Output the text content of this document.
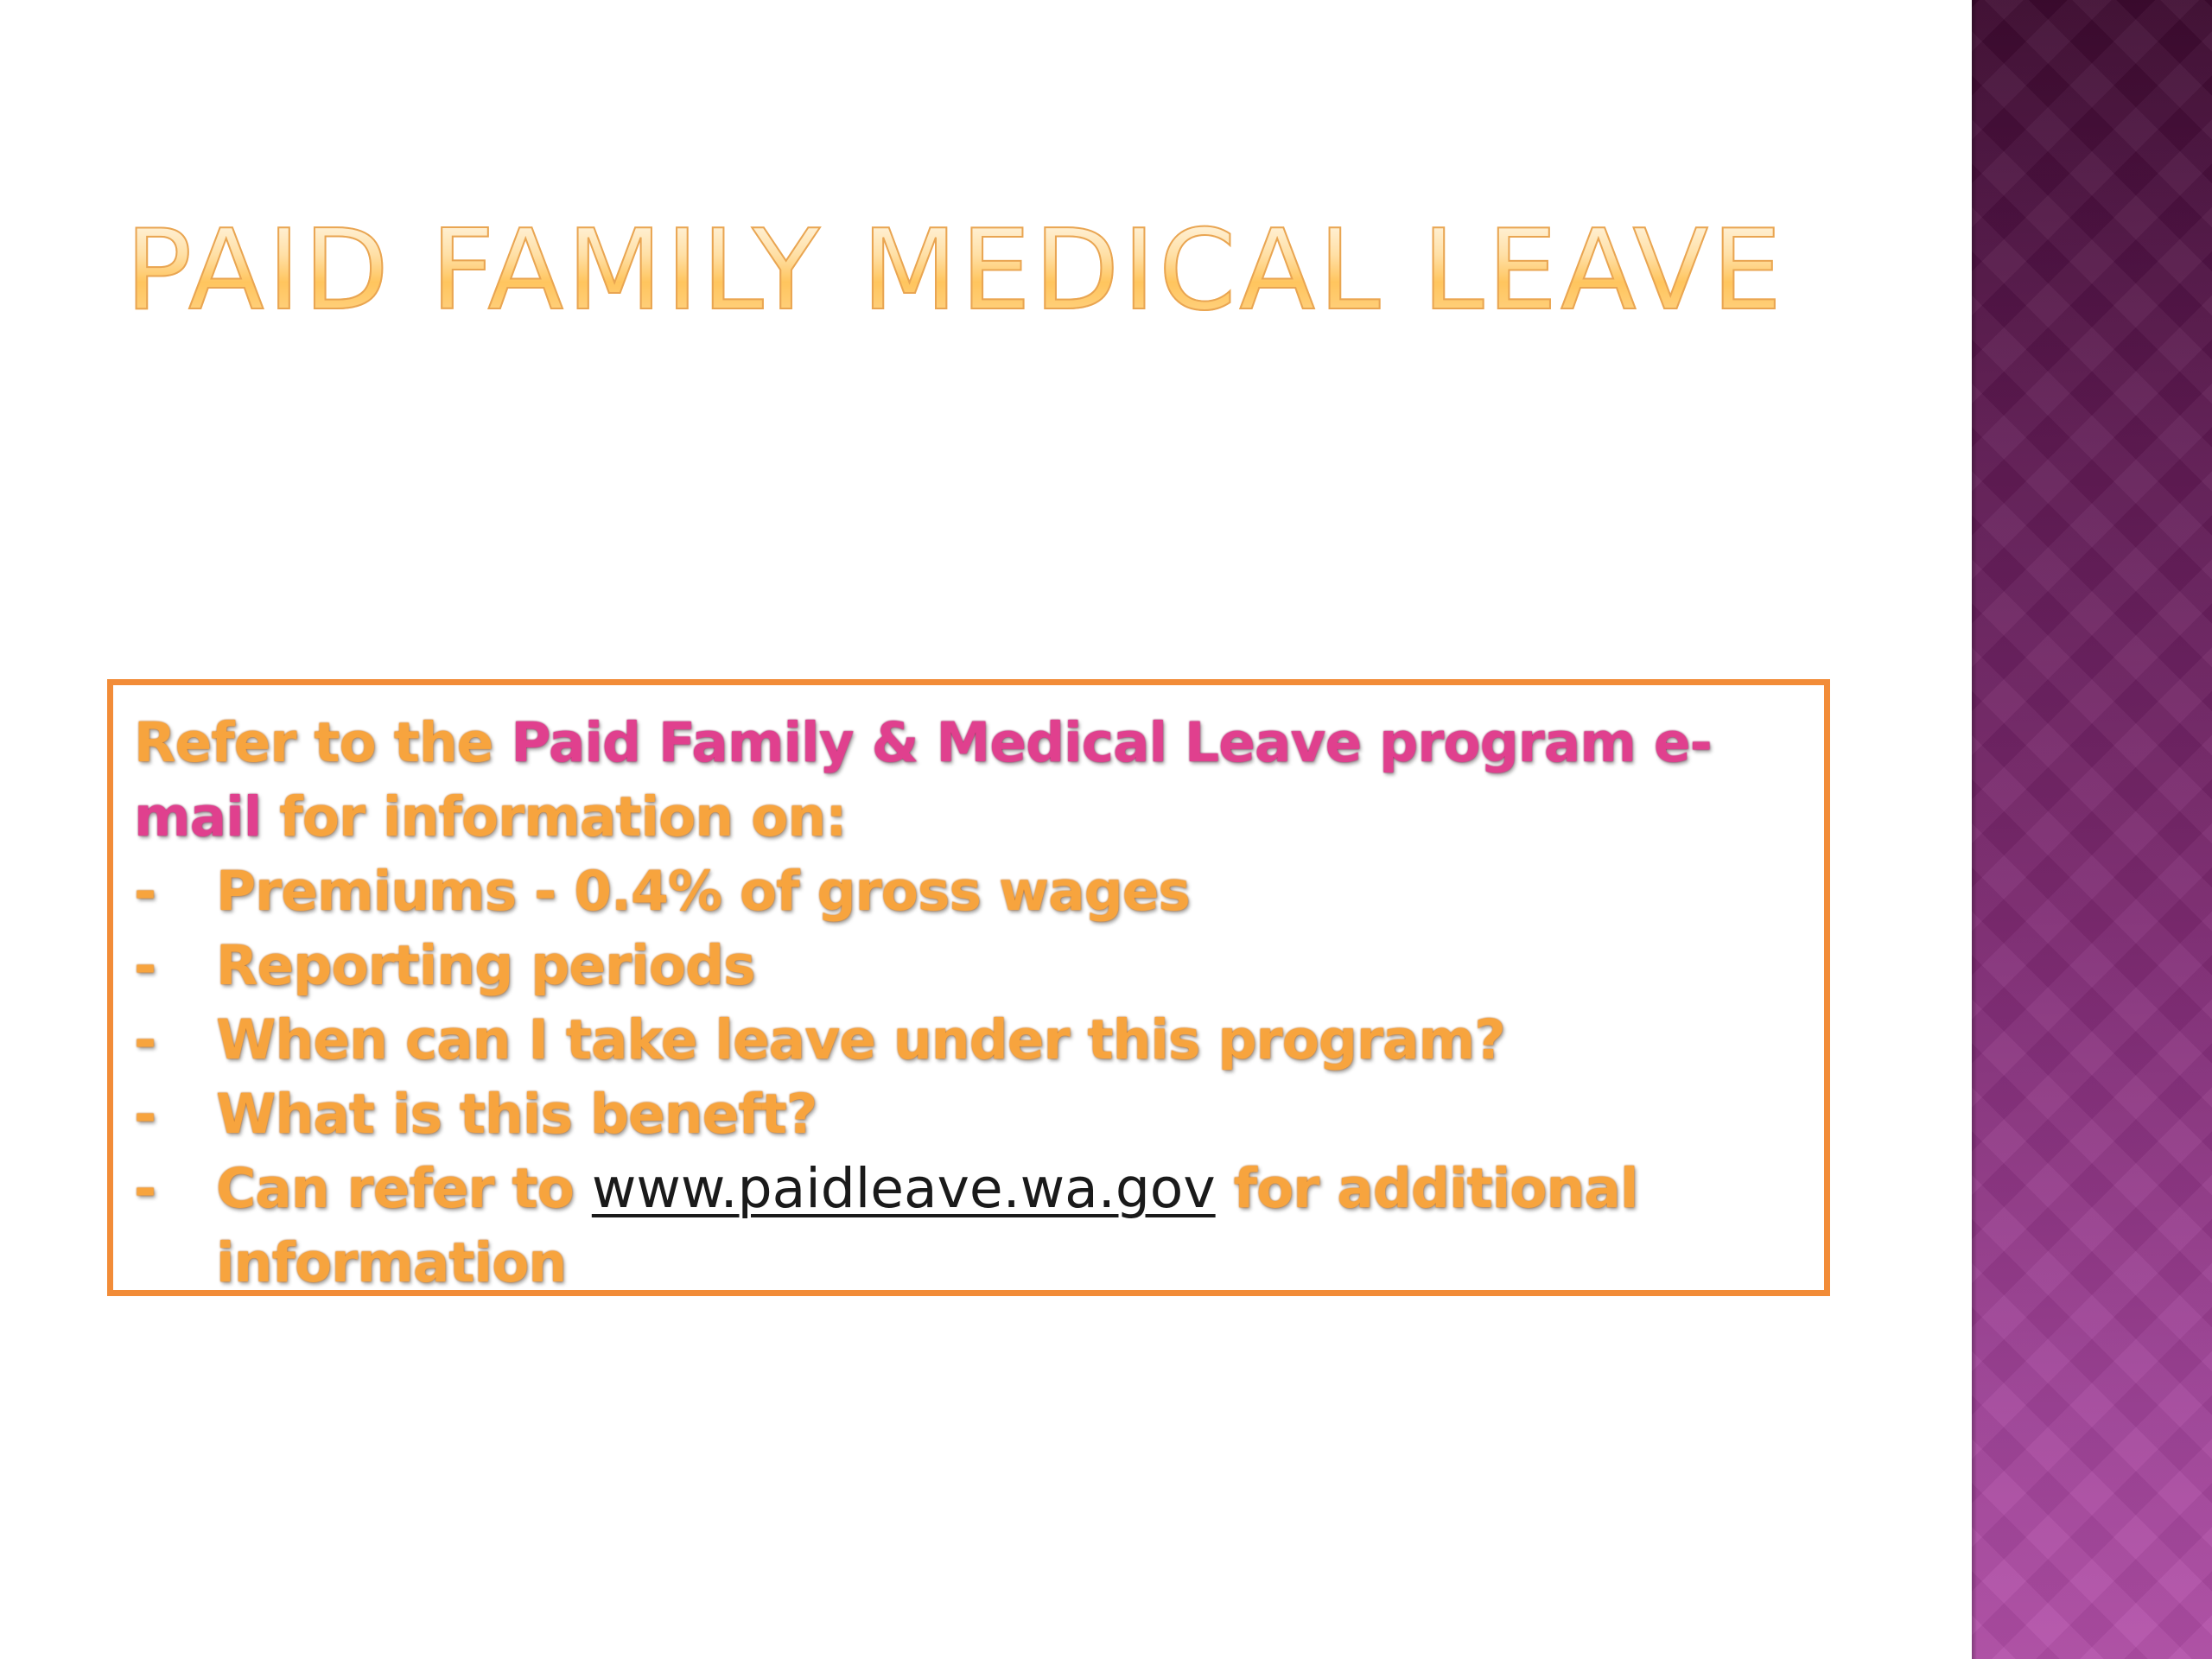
PAID FAMILY MEDICAL LEAVE

Refer to the Paid Family & Medical Leave program e-mail for information on:

- Premiums - 0.4% of gross wages
- Reporting periods
- When can I take leave under this program?
- What is this beneft?
- Can refer to www.paidleave.wa.gov for additional information
